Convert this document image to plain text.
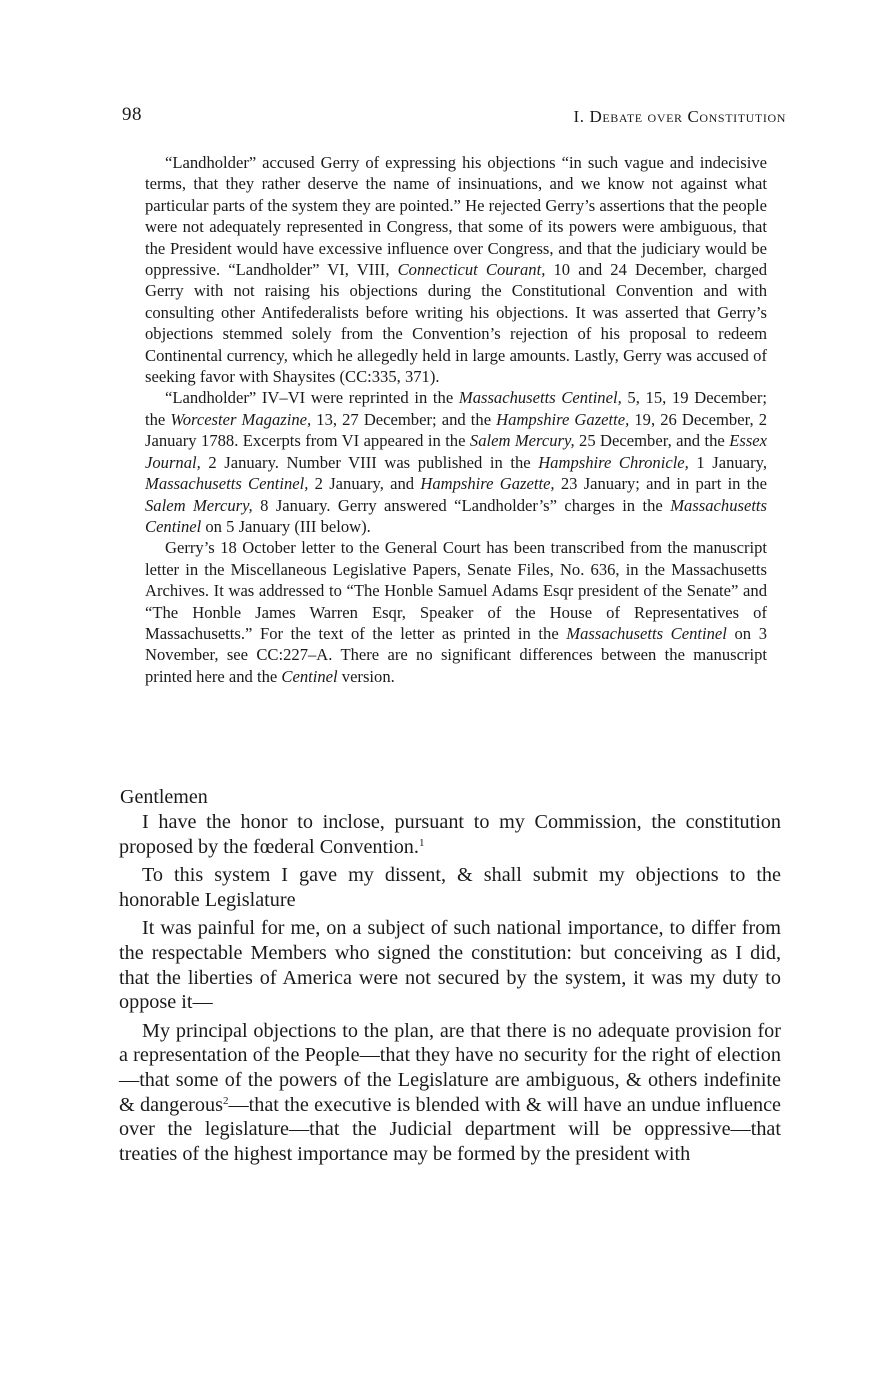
98	I. Debate over Constitution

“Landholder” accused Gerry of expressing his objections “in such vague and indecisive terms, that they rather deserve the name of insinuations, and we know not against what particular parts of the system they are pointed.” He rejected Gerry’s assertions that the people were not adequately represented in Congress, that some of its powers were ambiguous, that the President would have excessive influence over Congress, and that the judiciary would be oppressive. “Landholder” VI, VIII, Connecticut Courant, 10 and 24 December, charged Gerry with not raising his objections during the Constitutional Convention and with consulting other Antifederalists before writing his objections. It was asserted that Gerry’s objections stemmed solely from the Convention’s rejection of his proposal to redeem Continental currency, which he allegedly held in large amounts. Lastly, Gerry was accused of seeking favor with Shaysites (CC:335, 371).

“Landholder” IV–VI were reprinted in the Massachusetts Centinel, 5, 15, 19 December; the Worcester Magazine, 13, 27 December; and the Hampshire Gazette, 19, 26 December, 2 January 1788. Excerpts from VI appeared in the Salem Mercury, 25 December, and the Essex Journal, 2 January. Number VIII was published in the Hampshire Chronicle, 1 January, Massachusetts Centinel, 2 January, and Hampshire Gazette, 23 January; and in part in the Salem Mercury, 8 January. Gerry answered “Landholder’s” charges in the Massachusetts Centinel on 5 January (III below).

Gerry’s 18 October letter to the General Court has been transcribed from the manuscript letter in the Miscellaneous Legislative Papers, Senate Files, No. 636, in the Massachusetts Archives. It was addressed to “The Honble Samuel Adams Esqr president of the Senate” and “The Honble James Warren Esqr, Speaker of the House of Representatives of Massachusetts.” For the text of the letter as printed in the Massachusetts Centinel on 3 November, see CC:227–A. There are no significant differences between the manuscript printed here and the Centinel version.

Gentlemen

I have the honor to inclose, pursuant to my Commission, the constitution proposed by the fœderal Convention.$^1$

To this system I gave my dissent, & shall submit my objections to the honorable Legislature

It was painful for me, on a subject of such national importance, to differ from the respectable Members who signed the constitution: but conceiving as I did, that the liberties of America were not secured by the system, it was my duty to oppose it—

My principal objections to the plan, are that there is no adequate provision for a representation of the People—that they have no security for the right of election—that some of the powers of the Legislature are ambiguous, & others indefinite & dangerous$^2$—that the executive is blended with & will have an undue influence over the legislature—that the Judicial department will be oppressive—that treaties of the highest importance may be formed by the president with
